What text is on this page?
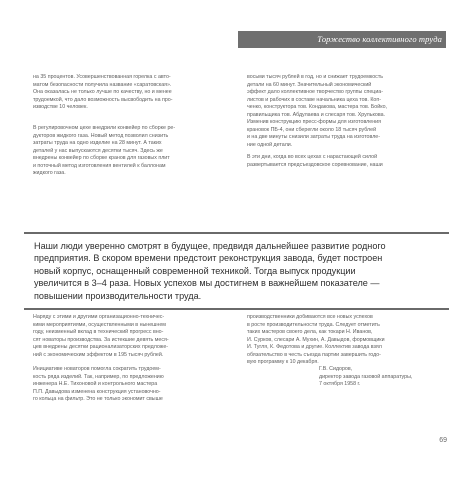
Торжество коллективного труда
на 35 процентов. Усовершенствованная горелка с авто-
матом безопасности получила название «саратовская».
Она оказалась не только лучше по качеству, но и менее
трудоемкой, что дало возможность высвободить на про-
изводстве 10 человек.
В регулировочном цехе внедрили конвейер по сборке ре-
дукторов жидкого газа. Новый метод позволил снизить
затраты труда на одно изделие на 28 минут. А таких
деталей у нас выпускаются десятки тысяч. Здесь же
внедрены конвейер по сборке кранов для газовых плит
и поточный метод изготовления вентилей к баллонам
жидкого газа.
восьми тысяч рублей в год, но и снижает трудоемкость
детали на 60 минут. Значительный экономический
эффект дало коллективное творчество группы специа-
листов и рабочих в составе начальника цеха тов. Коп-
ченко, конструктора тов. Кондакова, мастера тов. Бойко,
правильщика тов. Абдулаева и слесаря тов. Хрулькова.
Изменив конструкцию пресс-формы для изготовления
крановок ПБ-4, они сберегли около 18 тысяч рублей
и на две минуты снизили затраты труда на изготовле-
ние одной детали.
В эти дни, когда во всех цехах с нарастающей силой
развертывается предсъездовское соревнование, наши
Наши люди уверенно смотрят в будущее, предвидя дальнейшее развитие родного
предприятия. В скором времени предстоит реконструкция завода, будет построен
новый корпус, оснащенный современной техникой. Тогда выпуск продукции
увеличится в 3–4 раза. Новых успехов мы достигнем в важнейшем показателе —
повышении производительности труда.
Наряду с этими и другими организационно-техничес-
кими мероприятиями, осуществленными в нынешнем
году, неизменный вклад в технический прогресс вно-
сят новаторы производства. За истекшие девять меся-
цев внедрены десятки рационализаторских предложе-
ний с экономическим эффектом в 195 тысяч рублей.
Инициативе новаторов помогла сократить трудоем-
кость ряда изделий. Так, например, по предложению
инженера Н.Е. Тихоновой и контрольного мастера
П.П. Давыдова изменена конструкция установочно-
го кольца на фильтр. Это не только экономит свыше
производственники добиваются все новых успехов
в росте производительности труда. Следует отметить
таких мастеров своего дела, как токари Н. Иванов,
И. Сурков, слесари А. Мухин, А. Давыдов, формовщики
И. Тугля, К. Федотова и другие. Коллектив завода взял
обязательство в честь съезда партии завершить годо-
вую программу к 10 декабря.
Г.В. Сидоров,
директор завода газовой аппаратуры,
7 октября 1958 г.
69
